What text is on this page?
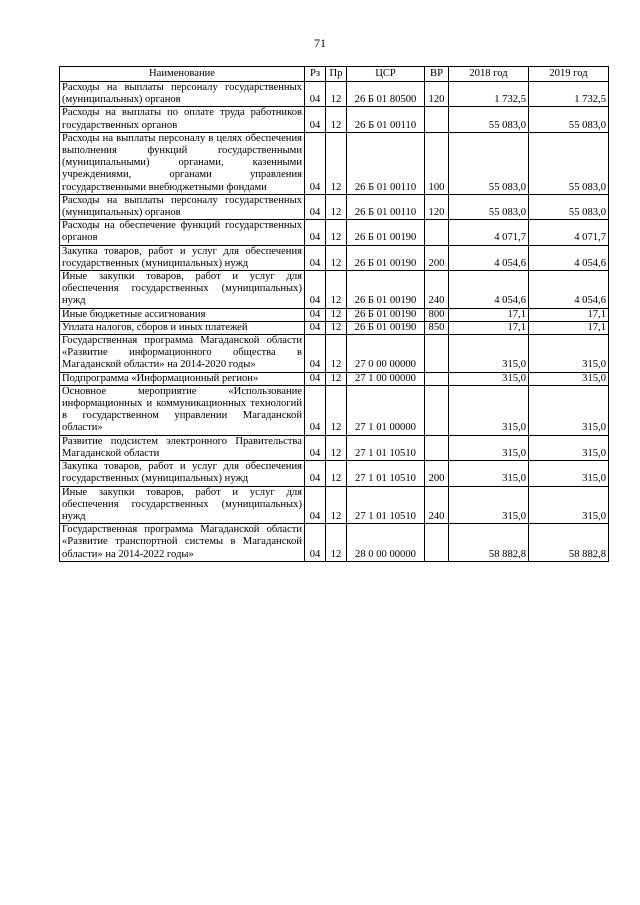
71
Наименование	Рз	Пр	ЦСР	ВР	2018 год	2019 год
Расходы на выплаты персоналу государственных (муниципальных) органов	04	12	26 Б 01 80500	120	1 732,5	1 732,5
Расходы на выплаты по оплате труда работников государственных органов	04	12	26 Б 01 00110		55 083,0	55 083,0
Расходы на выплаты персоналу в целях обеспечения выполнения функций государственными (муниципальными) органами, казенными учреждениями, органами управления государственными внебюджетными фондами	04	12	26 Б 01 00110	100	55 083,0	55 083,0
Расходы на выплаты персоналу государственных (муниципальных) органов	04	12	26 Б 01 00110	120	55 083,0	55 083,0
Расходы на обеспечение функций государственных органов	04	12	26 Б 01 00190		4 071,7	4 071,7
Закупка товаров, работ и услуг для обеспечения государственных (муниципальных) нужд	04	12	26 Б 01 00190	200	4 054,6	4 054,6
Иные закупки товаров, работ и услуг для обеспечения государственных (муниципальных) нужд	04	12	26 Б 01 00190	240	4 054,6	4 054,6
Иные бюджетные ассигнования	04	12	26 Б 01 00190	800	17,1	17,1
Уплата налогов, сборов и иных платежей	04	12	26 Б 01 00190	850	17,1	17,1
Государственная программа Магаданской области «Развитие информационного общества в Магаданской области» на 2014-2020 годы»	04	12	27 0 00 00000		315,0	315,0
Подпрограмма «Информационный регион»	04	12	27 1 00 00000		315,0	315,0
Основное мероприятие «Использование информационных и коммуникационных технологий в государственном управлении Магаданской области»	04	12	27 1 01 00000		315,0	315,0
Развитие подсистем электронного Правительства Магаданской области	04	12	27 1 01 10510		315,0	315,0
Закупка товаров, работ и услуг для обеспечения государственных (муниципальных) нужд	04	12	27 1 01 10510	200	315,0	315,0
Иные закупки товаров, работ и услуг для обеспечения государственных (муниципальных) нужд	04	12	27 1 01 10510	240	315,0	315,0
Государственная программа Магаданской области «Развитие транспортной системы в Магаданской области» на 2014-2022 годы»	04	12	28 0 00 00000		58 882,8	58 882,8
